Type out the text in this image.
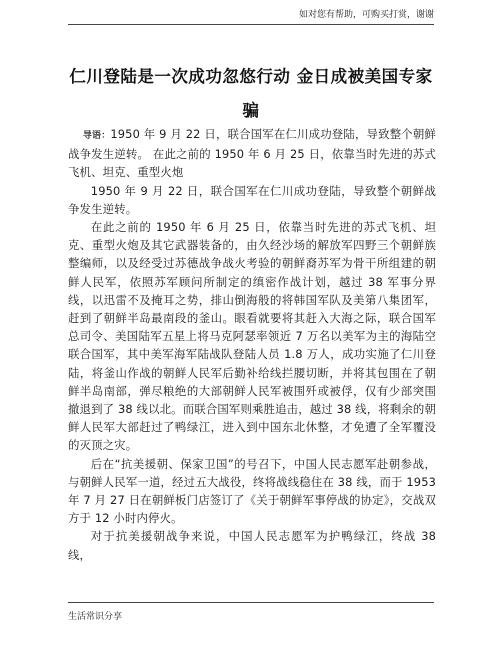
如对您有帮助，可购买打赏，谢谢
仁川登陆是一次成功忽悠行动 金日成被美国专家
骗

导语：1950 年 9 月 22 日，联合国军在仁川成功登陆，导致整个朝鲜战争发生逆转。 在此之前的 1950 年 6 月 25 日，依靠当时先进的苏式飞机、坦克、重型火炮

1950 年 9 月 22 日，联合国军在仁川成功登陆，导致整个朝鲜战争发生逆转。

在此之前的 1950 年 6 月 25 日，依靠当时先进的苏式飞机、坦克、重型火炮及其它武器装备的，由久经沙场的解放军四野三个朝鲜族整编师，以及经受过苏德战争战火考验的朝鲜裔苏军为骨干所组建的朝鲜人民军，依照苏军顾问所制定的缜密作战计划，越过 38 军事分界线，以迅雷不及掩耳之势，排山倒海般的将韩国军队及美第八集团军，赶到了朝鲜半岛最南段的釜山。眼看就要将其赶入大海之际，联合国军总司令、美国陆军五星上将马克阿瑟率领近 7 万名以美军为主的海陆空联合国军，其中美军海军陆战队登陆人员 1.8 万人，成功实施了仁川登陆，将釜山作战的朝鲜人民军后勤补给线拦腰切断，并将其包围在了朝鲜半岛南部，弹尽粮绝的大部朝鲜人民军被围歼或被俘，仅有少部突围撤退到了 38 线以北。而联合国军则乘胜追击，越过 38 线，将剩余的朝鲜人民军大部赶过了鸭绿江，进入到中国东北休整，才免遭了全军覆没的灭顶之灾。

后在“抗美援朝、保家卫国”的号召下，中国人民志愿军赴朝参战，与朝鲜人民军一道，经过五大战役，终将战线稳住在 38 线，而于 1953 年 7 月 27 日在朝鲜板门店签订了《关于朝鲜军事停战的协定》，交战双方于 12 小时内停火。

对于抗美援朝战争来说，中国人民志愿军为护鸭绿江，终战 38 线，

生活常识分享
